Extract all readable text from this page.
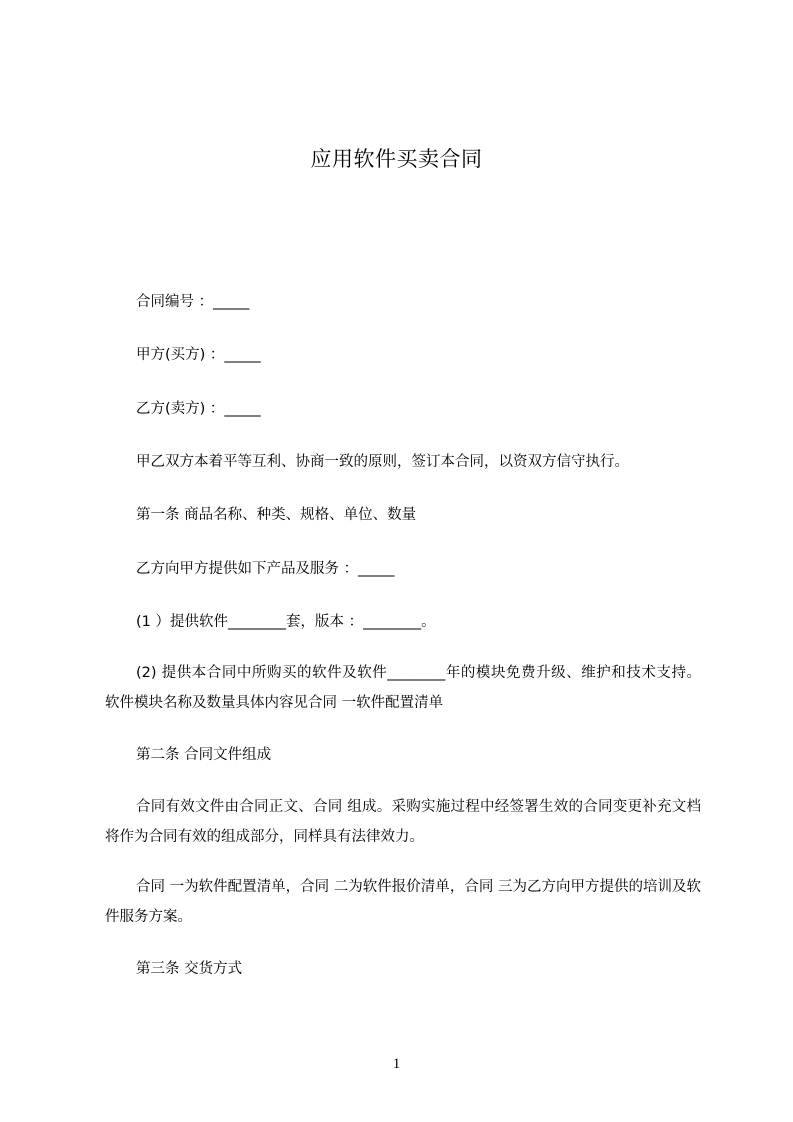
应用软件买卖合同
合同编号 ：_____
甲方(买方) ：_____
乙方(卖方) ：_____
甲乙双方本着平等互利、协商一致的原则，签订本合同，以资双方信守执行。
第一条 商品名称、种类、规格、单位、数量
乙方向甲方提供如下产品及服务 ：_____
(1 ）提供软件________套，版本 ：________。
(2) 提供本合同中所购买的软件及软件________年的模块免费升级、维护和技术支持。 软件模块名称及数量具体内容见合同 一软件配置清单
第二条 合同文件组成
合同有效文件由合同正文、合同 组成。采购实施过程中经签署生效的合同变更补充文档将作为合同有效的组成部分，同样具有法律效力。
合同 一为软件配置清单，合同 二为软件报价清单，合同 三为乙方向甲方提供的培训及软件服务方案。
第三条 交货方式
1
